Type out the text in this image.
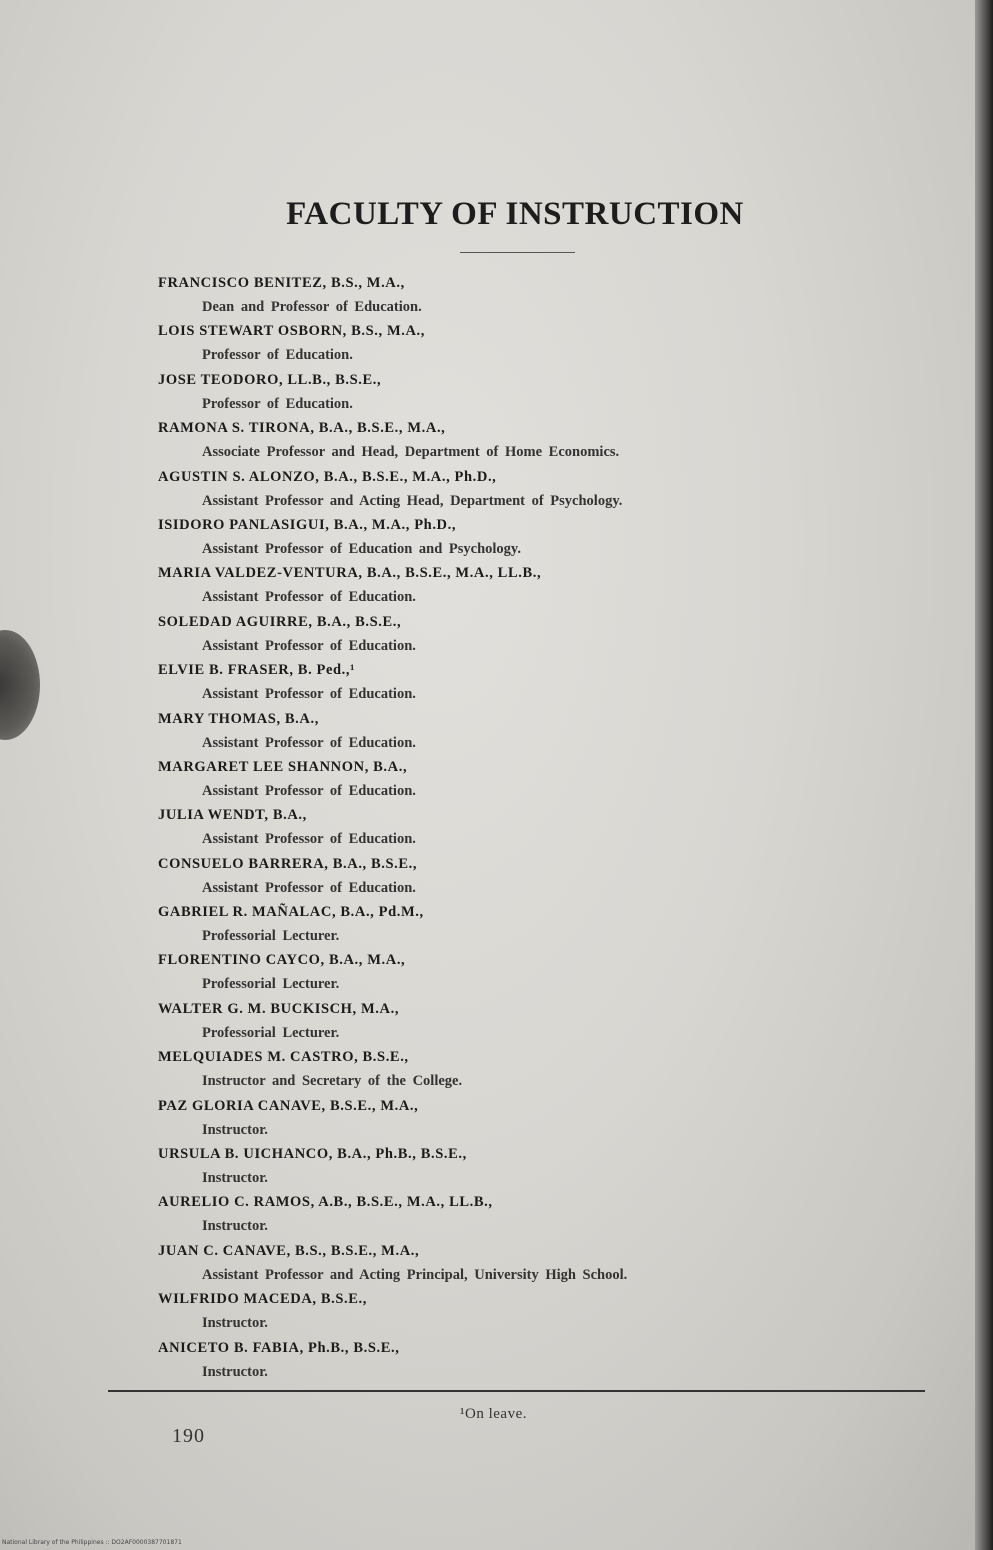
FACULTY OF INSTRUCTION
FRANCISCO BENITEZ, B.S., M.A.,
Dean and Professor of Education.
LOIS STEWART OSBORN, B.S., M.A.,
Professor of Education.
JOSE TEODORO, LL.B., B.S.E.,
Professor of Education.
RAMONA S. TIRONA, B.A., B.S.E., M.A.,
Associate Professor and Head, Department of Home Economics.
AGUSTIN S. ALONZO, B.A., B.S.E., M.A., Ph.D.,
Assistant Professor and Acting Head, Department of Psychology.
ISIDORO PANLASIGUI, B.A., M.A., Ph.D.,
Assistant Professor of Education and Psychology.
MARIA VALDEZ-VENTURA, B.A., B.S.E., M.A., LL.B.,
Assistant Professor of Education.
SOLEDAD AGUIRRE, B.A., B.S.E.,
Assistant Professor of Education.
ELVIE B. FRASER, B. Ped.,¹
Assistant Professor of Education.
MARY THOMAS, B.A.,
Assistant Professor of Education.
MARGARET LEE SHANNON, B.A.,
Assistant Professor of Education.
JULIA WENDT, B.A.,
Assistant Professor of Education.
CONSUELO BARRERA, B.A., B.S.E.,
Assistant Professor of Education.
GABRIEL R. MAÑALAC, B.A., Pd.M.,
Professorial Lecturer.
FLORENTINO CAYCO, B.A., M.A.,
Professorial Lecturer.
WALTER G. M. BUCKISCH, M.A.,
Professorial Lecturer.
MELQUIADES M. CASTRO, B.S.E.,
Instructor and Secretary of the College.
PAZ GLORIA CANAVE, B.S.E., M.A.,
Instructor.
URSULA B. UICHANCO, B.A., Ph.B., B.S.E.,
Instructor.
AURELIO C. RAMOS, A.B., B.S.E., M.A., LL.B.,
Instructor.
JUAN C. CANAVE, B.S., B.S.E., M.A.,
Assistant Professor and Acting Principal, University High School.
WILFRIDO MACEDA, B.S.E.,
Instructor.
ANICETO B. FABIA, Ph.B., B.S.E.,
Instructor.
¹On leave.
190
National Library of the Philippines :: DO2AF0000387701871
